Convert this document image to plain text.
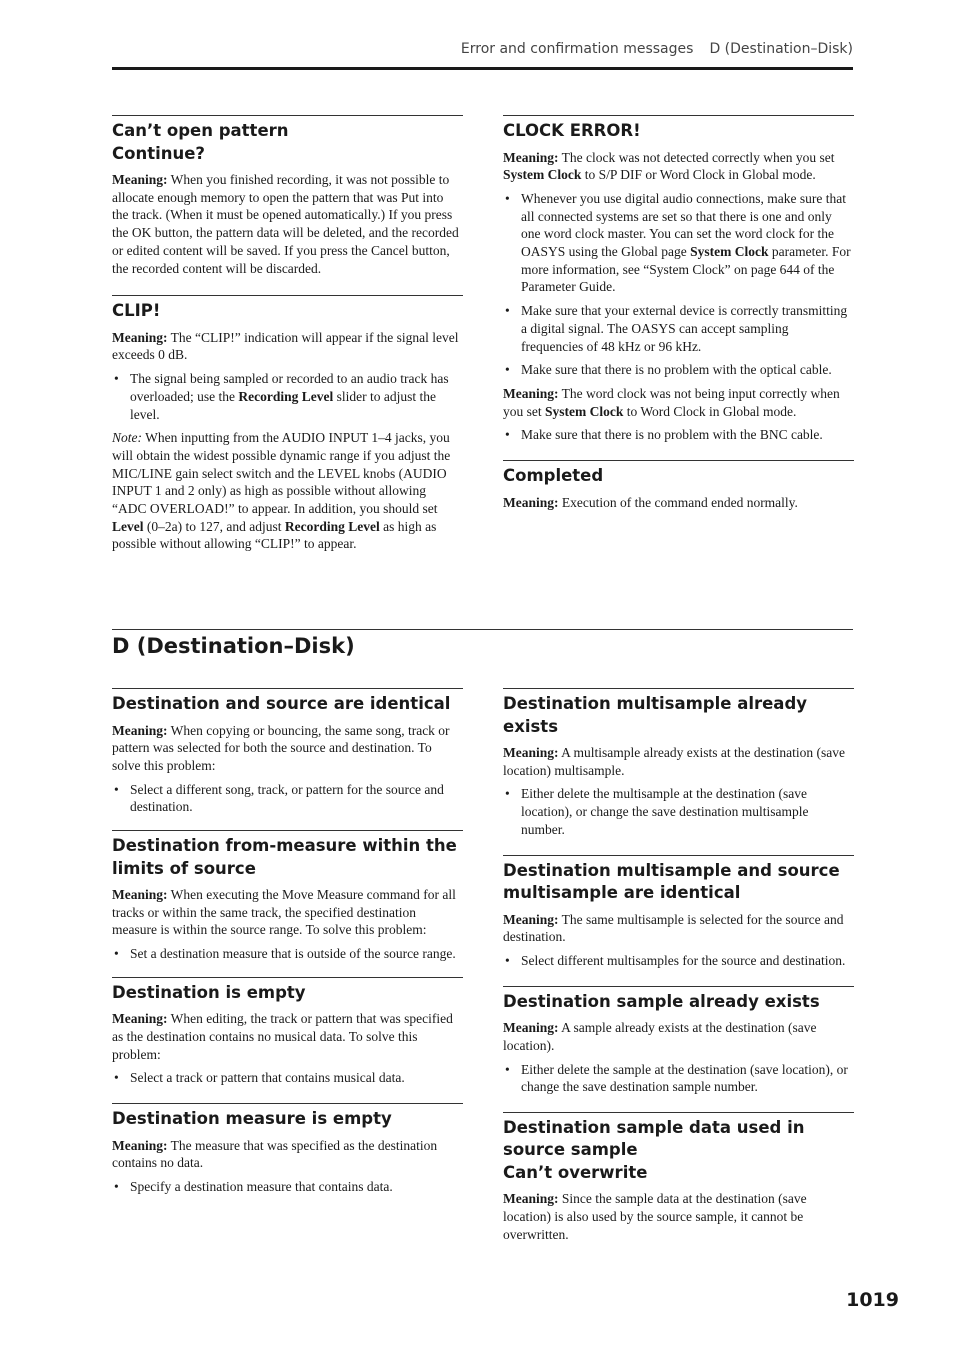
Error and confirmation messages D (Destination–Disk)
Can’t open pattern
Continue?

Meaning: When you finished recording, it was not possible to allocate enough memory to open the pattern that was Put into the track. (When it must be opened automatically.) If you press the OK button, the pattern data will be deleted, and the recorded or edited content will be saved. If you press the Cancel button, the recorded content will be discarded.

CLIP!

Meaning: The “CLIP!” indication will appear if the signal level exceeds 0 dB.

• The signal being sampled or recorded to an audio track has overloaded; use the Recording Level slider to adjust the level.

Note: When inputting from the AUDIO INPUT 1–4 jacks, you will obtain the widest possible dynamic range if you adjust the MIC/LINE gain select switch and the LEVEL knobs (AUDIO INPUT 1 and 2 only) as high as possible without allowing “ADC OVERLOAD!” to appear. In addition, you should set Level (0–2a) to 127, and adjust Recording Level as high as possible without allowing “CLIP!” to appear.

CLOCK ERROR!

Meaning: The clock was not detected correctly when you set System Clock to S/P DIF or Word Clock in Global mode.

• Whenever you use digital audio connections, make sure that all connected systems are set so that there is one and only one word clock master. You can set the word clock for the OASYS using the Global page System Clock parameter. For more information, see “System Clock” on page 644 of the Parameter Guide.
• Make sure that your external device is correctly transmitting a digital signal. The OASYS can accept sampling frequencies of 48 kHz or 96 kHz.
• Make sure that there is no problem with the optical cable.

Meaning: The word clock was not being input correctly when you set System Clock to Word Clock in Global mode.

• Make sure that there is no problem with the BNC cable.
Completed

Meaning: Execution of the command ended normally.

D (Destination–Disk)
Destination and source are identical

Meaning: When copying or bouncing, the same song, track or pattern was selected for both the source and destination. To solve this problem:

• Select a different song, track, or pattern for the source and destination.
Destination from-measure within the limits of source

Meaning: When executing the Move Measure command for all tracks or within the same track, the specified destination measure is within the source range. To solve this problem:

• Set a destination measure that is outside of the source range.
Destination is empty

Meaning: When editing, the track or pattern that was specified as the destination contains no musical data. To solve this problem:

• Select a track or pattern that contains musical data.
Destination measure is empty

Meaning: The measure that was specified as the destination contains no data.

• Specify a destination measure that contains data.
Destination multisample already exists

Meaning: A multisample already exists at the destination (save location) multisample.

• Either delete the multisample at the destination (save location), or change the save destination multisample number.
Destination multisample and source multisample are identical

Meaning: The same multisample is selected for the source and destination.

• Select different multisamples for the source and destination.
Destination sample already exists

Meaning: A sample already exists at the destination (save location).

• Either delete the sample at the destination (save location), or change the save destination sample number.
Destination sample data used in source sample
Can’t overwrite

Meaning: Since the sample data at the destination (save location) is also used by the source sample, it cannot be overwritten.

1019
